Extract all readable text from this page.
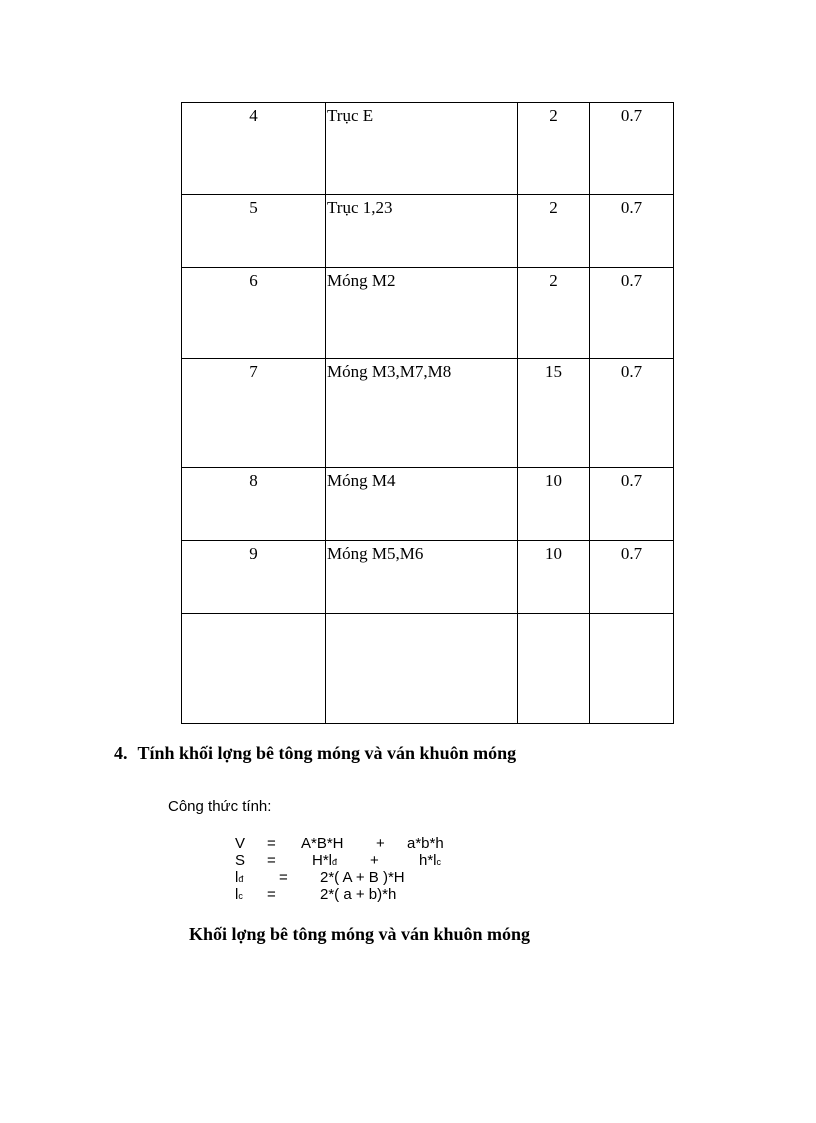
4	Trục E	2	0.7
5	Trục 1,23	2	0.7
6	Móng M2	2	0.7
7	Móng M3,M7,M8	15	0.7
8	Móng M4	10	0.7
9	Móng M5,M6	10	0.7

4. Tính khối lợng bê tông móng và ván khuôn móng
Công thức tính:
V = A*B*H + a*b*h
S = H*lđ +	h*lc
lđ = 2*( A + B )*H
lc =	2*( a + b)*h
Khối lợng bê tông móng và ván khuôn móng
